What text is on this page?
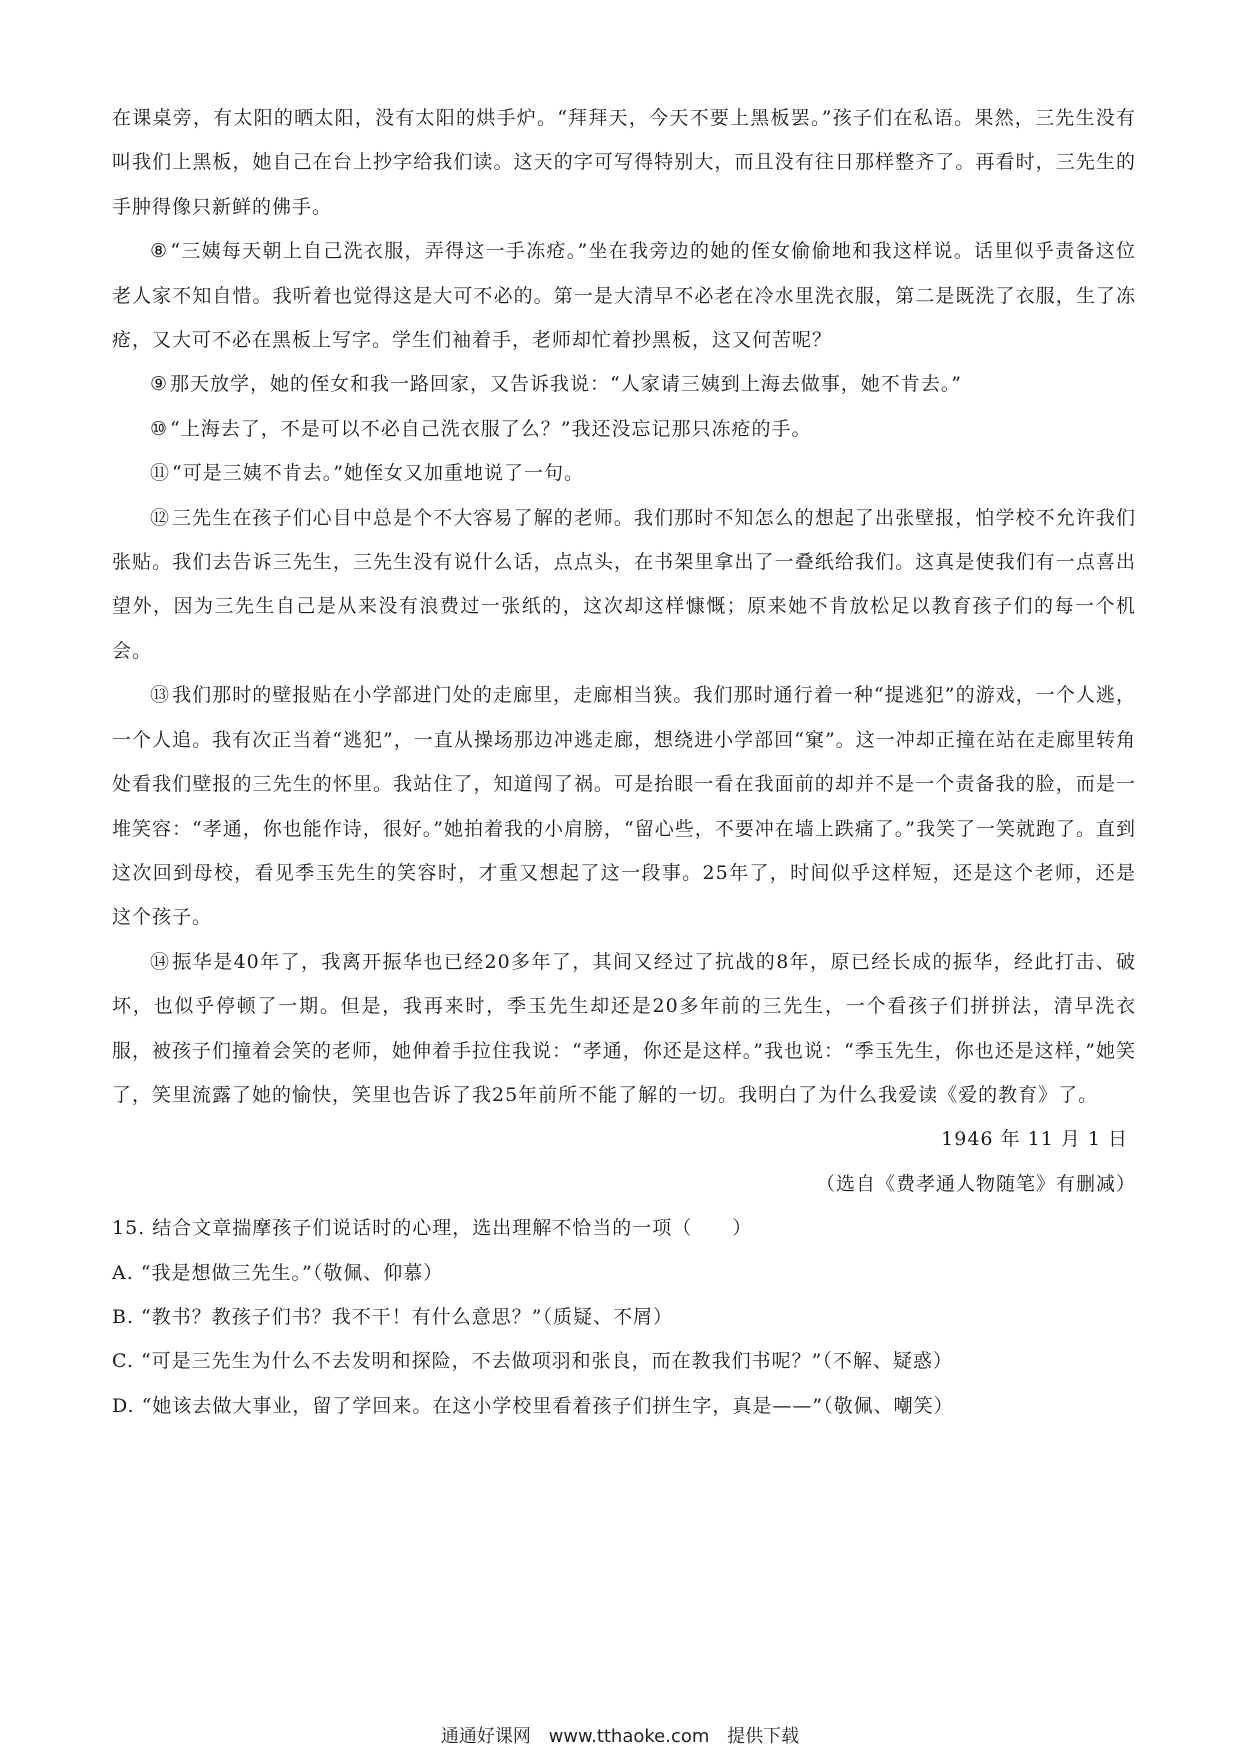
在课桌旁，有太阳的晒太阳，没有太阳的烘手炉。“拜拜天，今天不要上黑板罢。”孩子们在私语。果然，三先生没有叫我们上黑板，她自己在台上抄字给我们读。这天的字可写得特别大，而且没有往日那样整齐了。再看时，三先生的手肿得像只新鲜的佛手。

⑧ “三姨每天朝上自己洗衣服，弄得这一手冻疮。”坐在我旁边的她的侄女偷偷地和我这样说。话里似乎责备这位老人家不知自惜。我听着也觉得这是大可不必的。第一是大清早不必老在冷水里洗衣服，第二是既洗了衣服，生了冻疮，又大可不必在黑板上写字。学生们袖着手，老师却忙着抄黑板，这又何苦呢？

⑨ 那天放学，她的侄女和我一路回家，又告诉我说：“人家请三姨到上海去做事，她不肯去。”

⑩ “上海去了，不是可以不必自己洗衣服了么？”我还没忘记那只冻疮的手。

⑪ “可是三姨不肯去。”她侄女又加重地说了一句。

⑫ 三先生在孩子们心目中总是个不大容易了解的老师。我们那时不知怎么的想起了出张壁报，怕学校不允许我们张贴。我们去告诉三先生，三先生没有说什么话，点点头，在书架里拿出了一叠纸给我们。这真是使我们有一点喜出望外，因为三先生自己是从来没有浪费过一张纸的，这次却这样慷慨；原来她不肯放松足以教育孩子们的每一个机会。

⑬ 我们那时的壁报贴在小学部进门处的走廊里，走廊相当狭。我们那时通行着一种“提逃犯”的游戏，一个人逃，一个人追。我有次正当着“逃犯”，一直从操场那边冲逃走廊，想绕进小学部回“窠”。这一冲却正撞在站在走廊里转角处看我们壁报的三先生的怀里。我站住了，知道闯了祸。可是抬眼一看在我面前的却并不是一个责备我的脸，而是一堆笑容：“孝通，你也能作诗，很好。”她拍着我的小肩膀，“留心些，不要冲在墙上跌痛了。”我笑了一笑就跑了。直到这次回到母校，看见季玉先生的笑容时，才重又想起了这一段事。25年了，时间似乎这样短，还是这个老师，还是这个孩子。

⑭ 振华是40年了，我离开振华也已经20多年了，其间又经过了抗战的8年，原已经长成的振华，经此打击、破坏，也似乎停顿了一期。但是，我再来时，季玉先生却还是20多年前的三先生，一个看孩子们拼拼法，清早洗衣服，被孩子们撞着会笑的老师，她伸着手拉住我说：“孝通，你还是这样。”我也说：“季玉先生，你也还是这样，”她笑了，笑里流露了她的愉快，笑里也告诉了我25年前所不能了解的一切。我明白了为什么我爱读《爱的教育》了。

1946 年 11 月 1 日

（选自《费孝通人物随笔》有删减）

15. 结合文章揣摩孩子们说话时的心理，选出理解不恰当的一项（　　）

A. “我是想做三先生。”（敬佩、仰慕）

B. “教书？教孩子们书？我不干！有什么意思？”（质疑、不屑）

C. “可是三先生为什么不去发明和探险，不去做项羽和张良，而在教我们书呢？”（不解、疑惑）

D. “她该去做大事业，留了学回来。在这小学校里看着孩子们拼生字，真是——”（敬佩、嘲笑）

通通好课网 www.tthaoke.com 提供下载
